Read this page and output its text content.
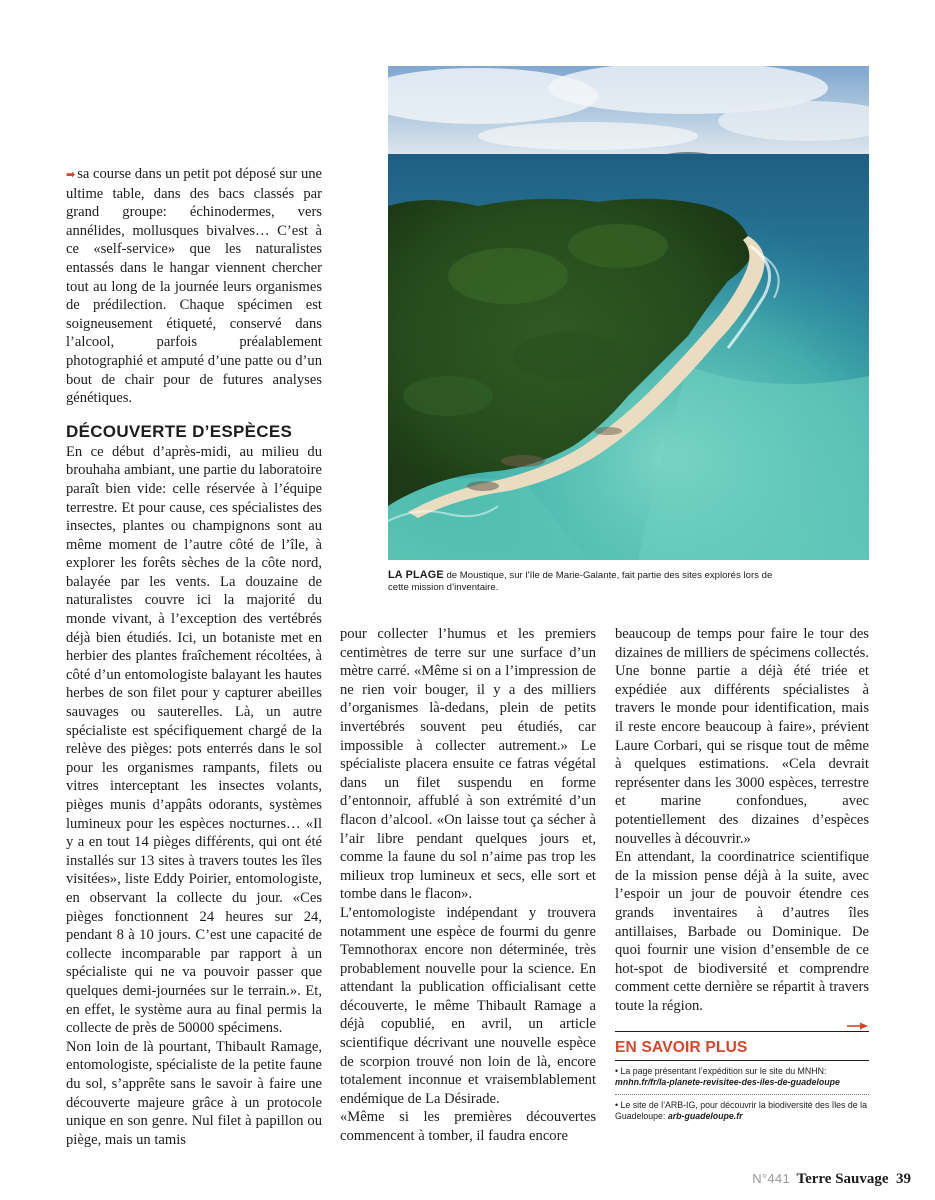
➡ sa course dans un petit pot déposé sur une ultime table, dans des bacs classés par grand groupe: échinodermes, vers annélides, mollusques bivalves… C’est à ce «self-service» que les naturalistes entassés dans le hangar viennent chercher tout au long de la journée leurs organismes de prédilection. Chaque spécimen est soigneusement étiqueté, conservé dans l’alcool, parfois préalablement photographié et amputé d’une patte ou d’un bout de chair pour de futures analyses génétiques.

DÉCOUVERTE D’ESPÈCES

En ce début d’après-midi, au milieu du brouhaha ambiant, une partie du laboratoire paraît bien vide: celle réservée à l’équipe terrestre. Et pour cause, ces spécialistes des insectes, plantes ou champignons sont au même moment de l’autre côté de l’île, à explorer les forêts sèches de la côte nord, balayée par les vents. La douzaine de naturalistes couvre ici la majorité du monde vivant, à l’exception des vertébrés déjà bien étudiés. Ici, un botaniste met en herbier des plantes fraîchement récoltées, à côté d’un entomologiste balayant les hautes herbes de son filet pour y capturer abeilles sauvages ou sauterelles. Là, un autre spécialiste est spécifiquement chargé de la relève des pièges: pots enterrés dans le sol pour les organismes rampants, filets ou vitres interceptant les insectes volants, pièges munis d’appâts odorants, systèmes lumineux pour les espèces nocturnes… «Il y a en tout 14 pièges différents, qui ont été installés sur 13 sites à travers toutes les îles visitées», liste Eddy Poirier, entomologiste, en observant la collecte du jour. «Ces pièges fonctionnent 24 heures sur 24, pendant 8 à 10 jours. C’est une capacité de collecte incomparable par rapport à un spécialiste qui ne va pouvoir passer que quelques demi-journées sur le terrain.». Et, en effet, le système aura au final permis la collecte de près de 50000 spécimens.

Non loin de là pourtant, Thibault Ramage, entomologiste, spécialiste de la petite faune du sol, s’apprête sans le savoir à faire une découverte majeure grâce à un protocole unique en son genre. Nul filet à papillon ou piège, mais un tamis

LA PLAGE de Moustique, sur l’île de Marie-Galante, fait partie des sites explorés lors de cette mission d’inventaire.

pour collecter l’humus et les premiers centimètres de terre sur une surface d’un mètre carré. «Même si on a l’impression de ne rien voir bouger, il y a des milliers d’organismes là-dedans, plein de petits invertébrés souvent peu étudiés, car impossible à collecter autrement.» Le spécialiste placera ensuite ce fatras végétal dans un filet suspendu en forme d’entonnoir, affublé à son extrémité d’un flacon d’alcool. «On laisse tout ça sécher à l’air libre pendant quelques jours et, comme la faune du sol n’aime pas trop les milieux trop lumineux et secs, elle sort et tombe dans le flacon».

L’entomologiste indépendant y trouvera notamment une espèce de fourmi du genre Temnothorax encore non déterminée, très probablement nouvelle pour la science. En attendant la publication officialisant cette découverte, le même Thibault Ramage a déjà copublié, en avril, un article scientifique décrivant une nouvelle espèce de scorpion trouvé non loin de là, encore totalement inconnue et vraisemblablement endémique de La Désirade.

«Même si les premières découvertes commencent à tomber, il faudra encore

beaucoup de temps pour faire le tour des dizaines de milliers de spécimens collectés. Une bonne partie a déjà été triée et expédiée aux différents spécialistes à travers le monde pour identification, mais il reste encore beaucoup à faire», prévient Laure Corbari, qui se risque tout de même à quelques estimations. «Cela devrait représenter dans les 3000 espèces, terrestre et marine confondues, avec potentiellement des dizaines d’espèces nouvelles à découvrir.»

En attendant, la coordinatrice scientifique de la mission pense déjà à la suite, avec l’espoir un jour de pouvoir étendre ces grands inventaires à d’autres îles antillaises, Barbade ou Dominique. De quoi fournir une vision d’ensemble de ce hot-spot de biodiversité et comprendre comment cette dernière se répartit à travers toute la région.

EN SAVOIR PLUS
• La page présentant l’expédition sur le site du MNHN: mnhn.fr/fr/la-planete-revisitee-des-iles-de-guadeloupe
• Le site de l’ARB-IG, pour découvrir la biodiversité des îles de la Guadeloupe: arb-guadeloupe.fr
N°441 Terre Sauvage 39
